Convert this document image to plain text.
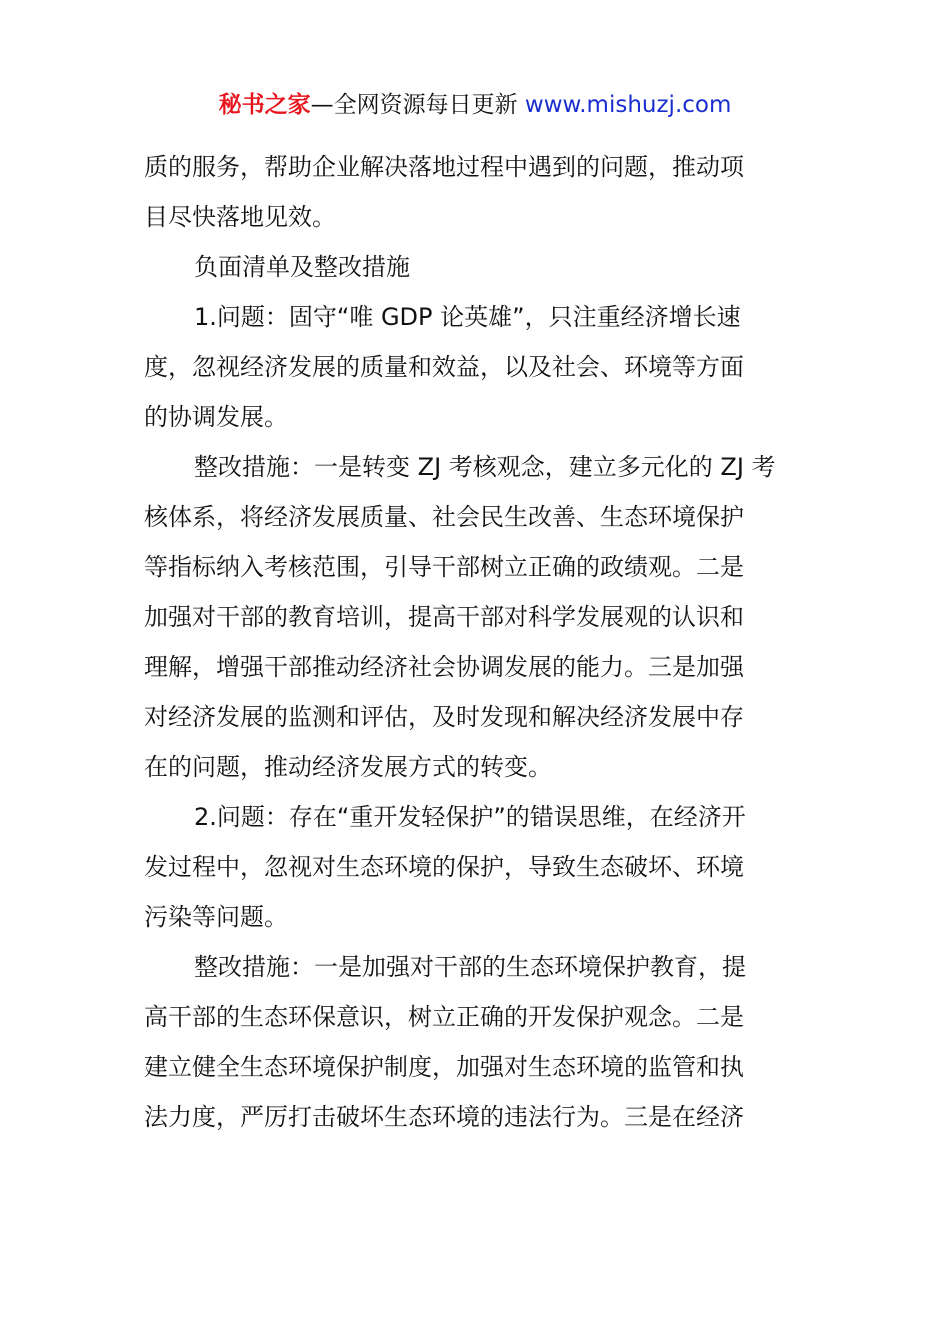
秘书之家—全网资源每日更新 www.mishuzj.com
质的服务，帮助企业解决落地过程中遇到的问题，推动项
目尽快落地见效。
负面清单及整改措施
1.问题：固守“唯 GDP 论英雄”，只注重经济增长速
度，忽视经济发展的质量和效益，以及社会、环境等方面
的协调发展。
整改措施：一是转变 ZJ 考核观念，建立多元化的 ZJ 考
核体系，将经济发展质量、社会民生改善、生态环境保护
等指标纳入考核范围，引导干部树立正确的政绩观。二是
加强对干部的教育培训，提高干部对科学发展观的认识和
理解，增强干部推动经济社会协调发展的能力。三是加强
对经济发展的监测和评估，及时发现和解决经济发展中存
在的问题，推动经济发展方式的转变。
2.问题：存在“重开发轻保护”的错误思维，在经济开
发过程中，忽视对生态环境的保护，导致生态破坏、环境
污染等问题。
整改措施：一是加强对干部的生态环境保护教育，提
高干部的生态环保意识，树立正确的开发保护观念。二是
建立健全生态环境保护制度，加强对生态环境的监管和执
法力度，严厉打击破坏生态环境的违法行为。三是在经济
